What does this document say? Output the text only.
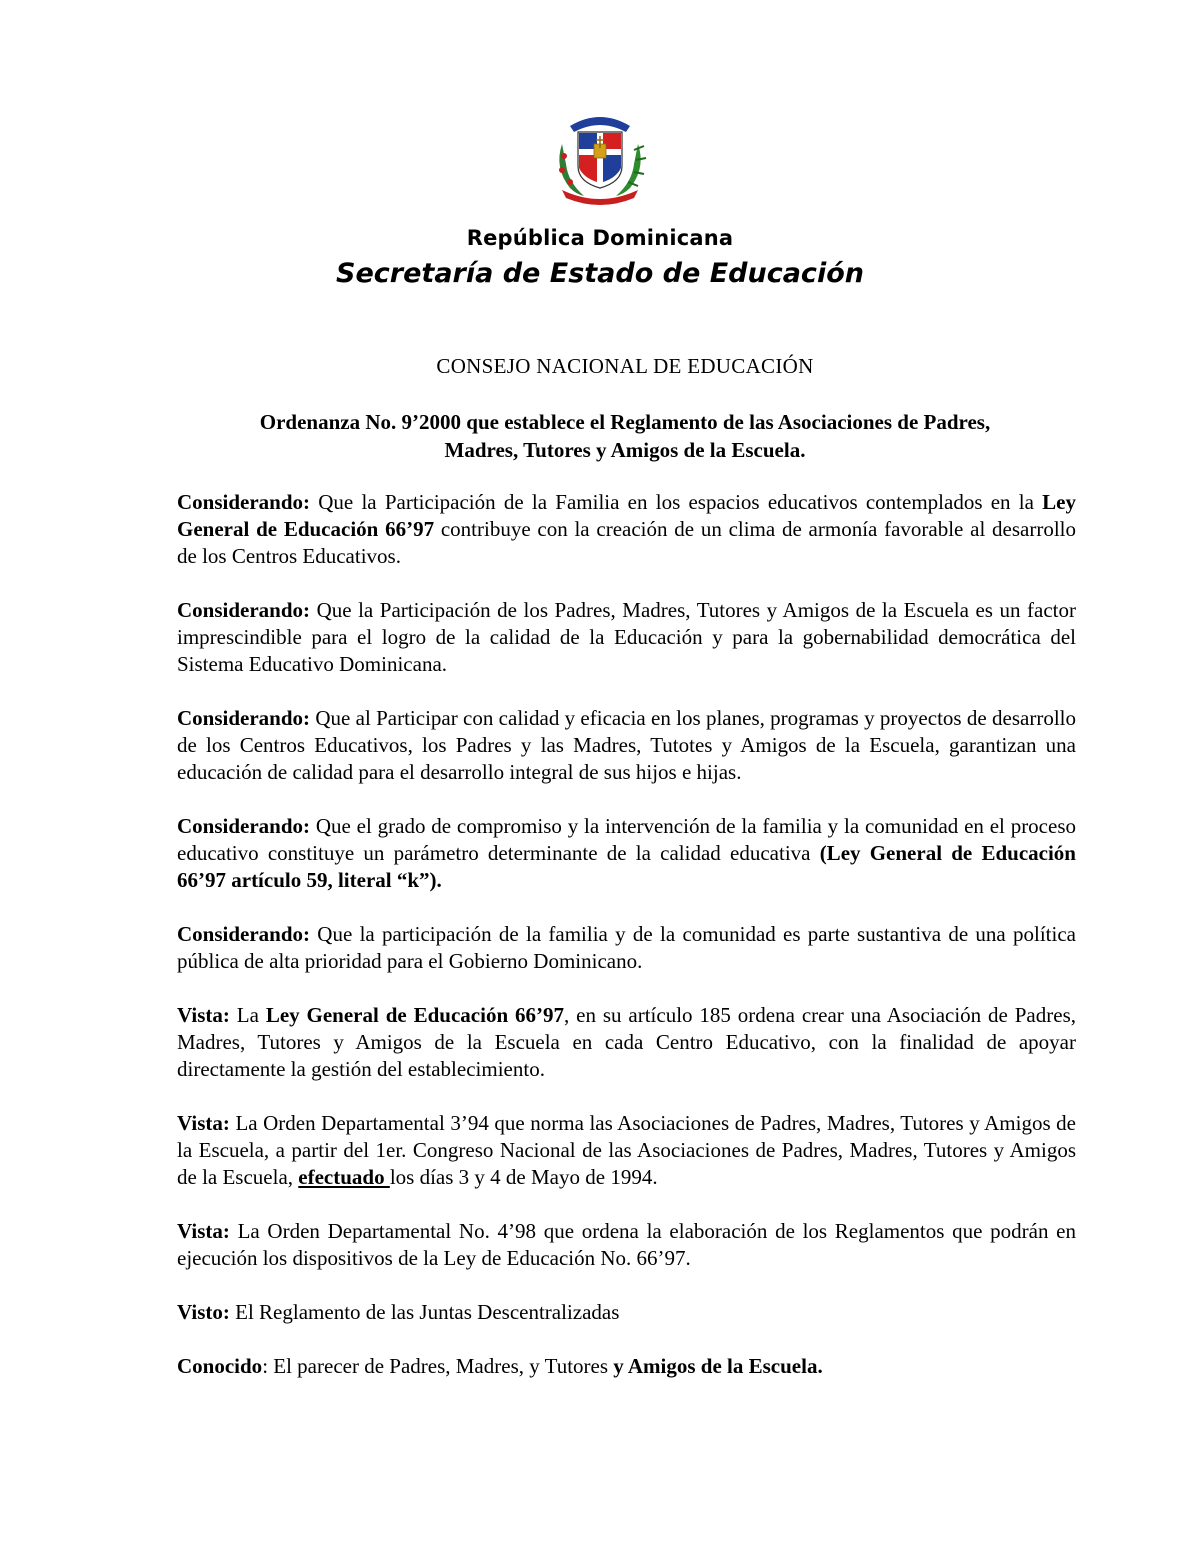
República Dominicana
Secretaría de Estado de Educación
CONSEJO NACIONAL DE EDUCACIÓN
Ordenanza No. 9’2000 que establece el Reglamento de las Asociaciones de Padres,
Madres, Tutores y Amigos de la Escuela.

Considerando: Que la Participación de la Familia en los espacios educativos contemplados en la Ley General de Educación 66’97 contribuye con la creación de un clima de armonía favorable al desarrollo de los Centros Educativos.

Considerando: Que la Participación de los Padres, Madres, Tutores y Amigos de la Escuela es un factor imprescindible para el logro de la calidad de la Educación y para la gobernabilidad democrática del Sistema Educativo Dominicana.

Considerando: Que al Participar con calidad y eficacia en los planes, programas y proyectos de desarrollo de los Centros Educativos, los Padres y las Madres, Tutotes y Amigos de la Escuela, garantizan una educación de calidad para el desarrollo integral de sus hijos e hijas.

Considerando: Que el grado de compromiso y la intervención de la familia y la comunidad en el proceso educativo constituye un parámetro determinante de la calidad educativa (Ley General de Educación 66’97 artículo 59, literal “k”).

Considerando: Que la participación de la familia y de la comunidad es parte sustantiva de una política pública de alta prioridad para el Gobierno Dominicano.

Vista: La Ley General de Educación 66’97, en su artículo 185 ordena crear una Asociación de Padres, Madres, Tutores y Amigos de la Escuela en cada Centro Educativo, con la finalidad de apoyar directamente la gestión del establecimiento.

Vista: La Orden Departamental 3’94 que norma las Asociaciones de Padres, Madres, Tutores y Amigos de la Escuela, a partir del 1er. Congreso Nacional de las Asociaciones de Padres, Madres, Tutores y Amigos de la Escuela, efectuado los días 3 y 4 de Mayo de 1994.

Vista: La Orden Departamental No. 4’98 que ordena la elaboración de los Reglamentos que podrán en ejecución los dispositivos de la Ley de Educación No. 66’97.

Visto: El Reglamento de las Juntas Descentralizadas

Conocido: El parecer de Padres, Madres, y Tutores y Amigos de la Escuela.
